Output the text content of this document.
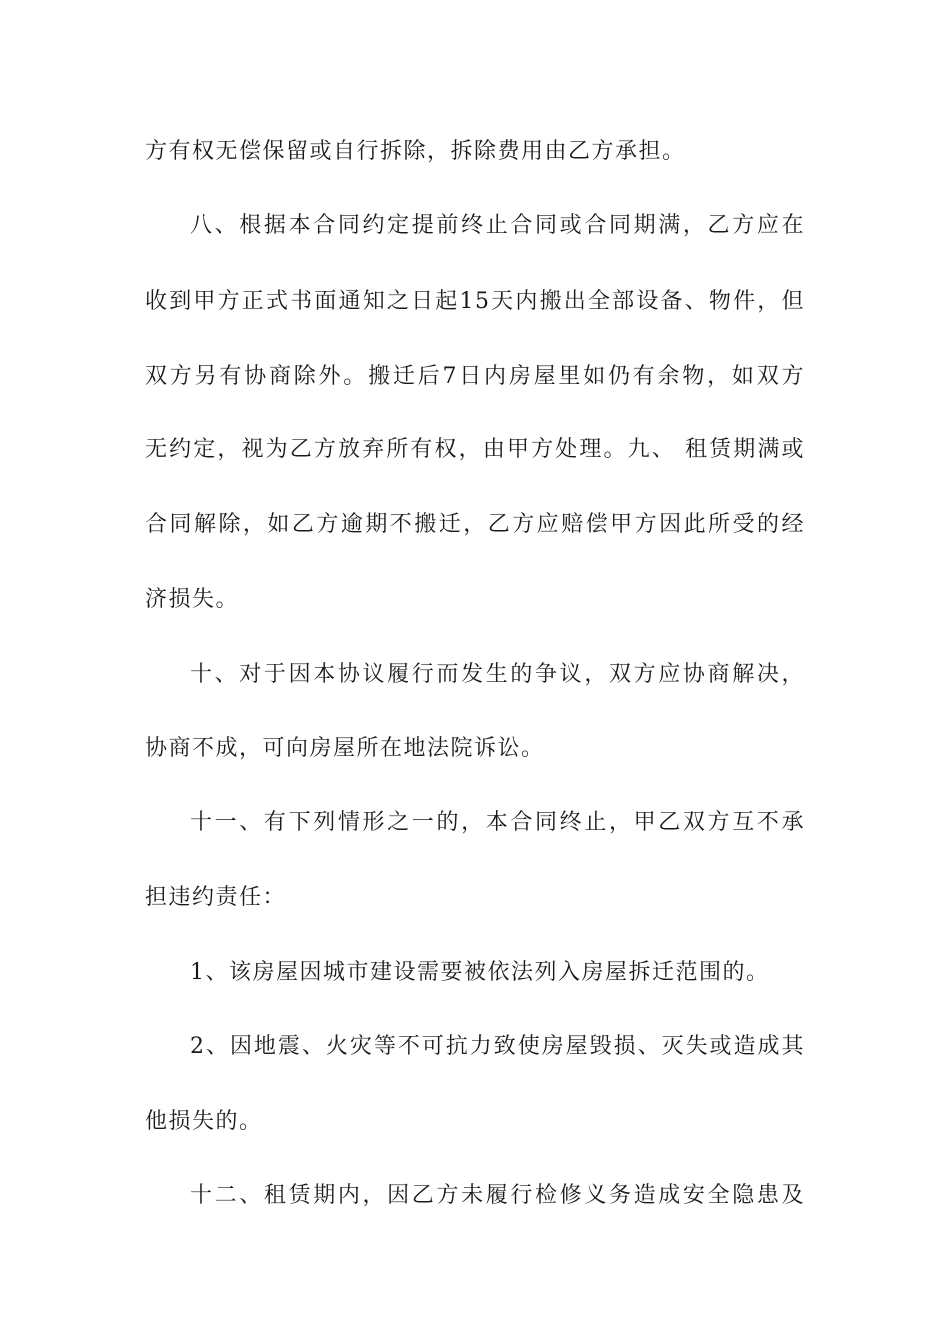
方有权无偿保留或自行拆除，拆除费用由乙方承担。
八、根据本合同约定提前终止合同或合同期满，乙方应在
收到甲方正式书面通知之日起15天内搬出全部设备、物件，但
双方另有协商除外。搬迁后7日内房屋里如仍有余物，如双方
无约定，视为乙方放弃所有权，由甲方处理。九、 租赁期满或
合同解除，如乙方逾期不搬迁，乙方应赔偿甲方因此所受的经
济损失。
十、对于因本协议履行而发生的争议，双方应协商解决，
协商不成，可向房屋所在地法院诉讼。
十一、有下列情形之一的，本合同终止，甲乙双方互不承
担违约责任：
1、该房屋因城市建设需要被依法列入房屋拆迁范围的。
2、因地震、火灾等不可抗力致使房屋毁损、灭失或造成其
他损失的。
十二、租赁期内，因乙方未履行检修义务造成安全隐患及
